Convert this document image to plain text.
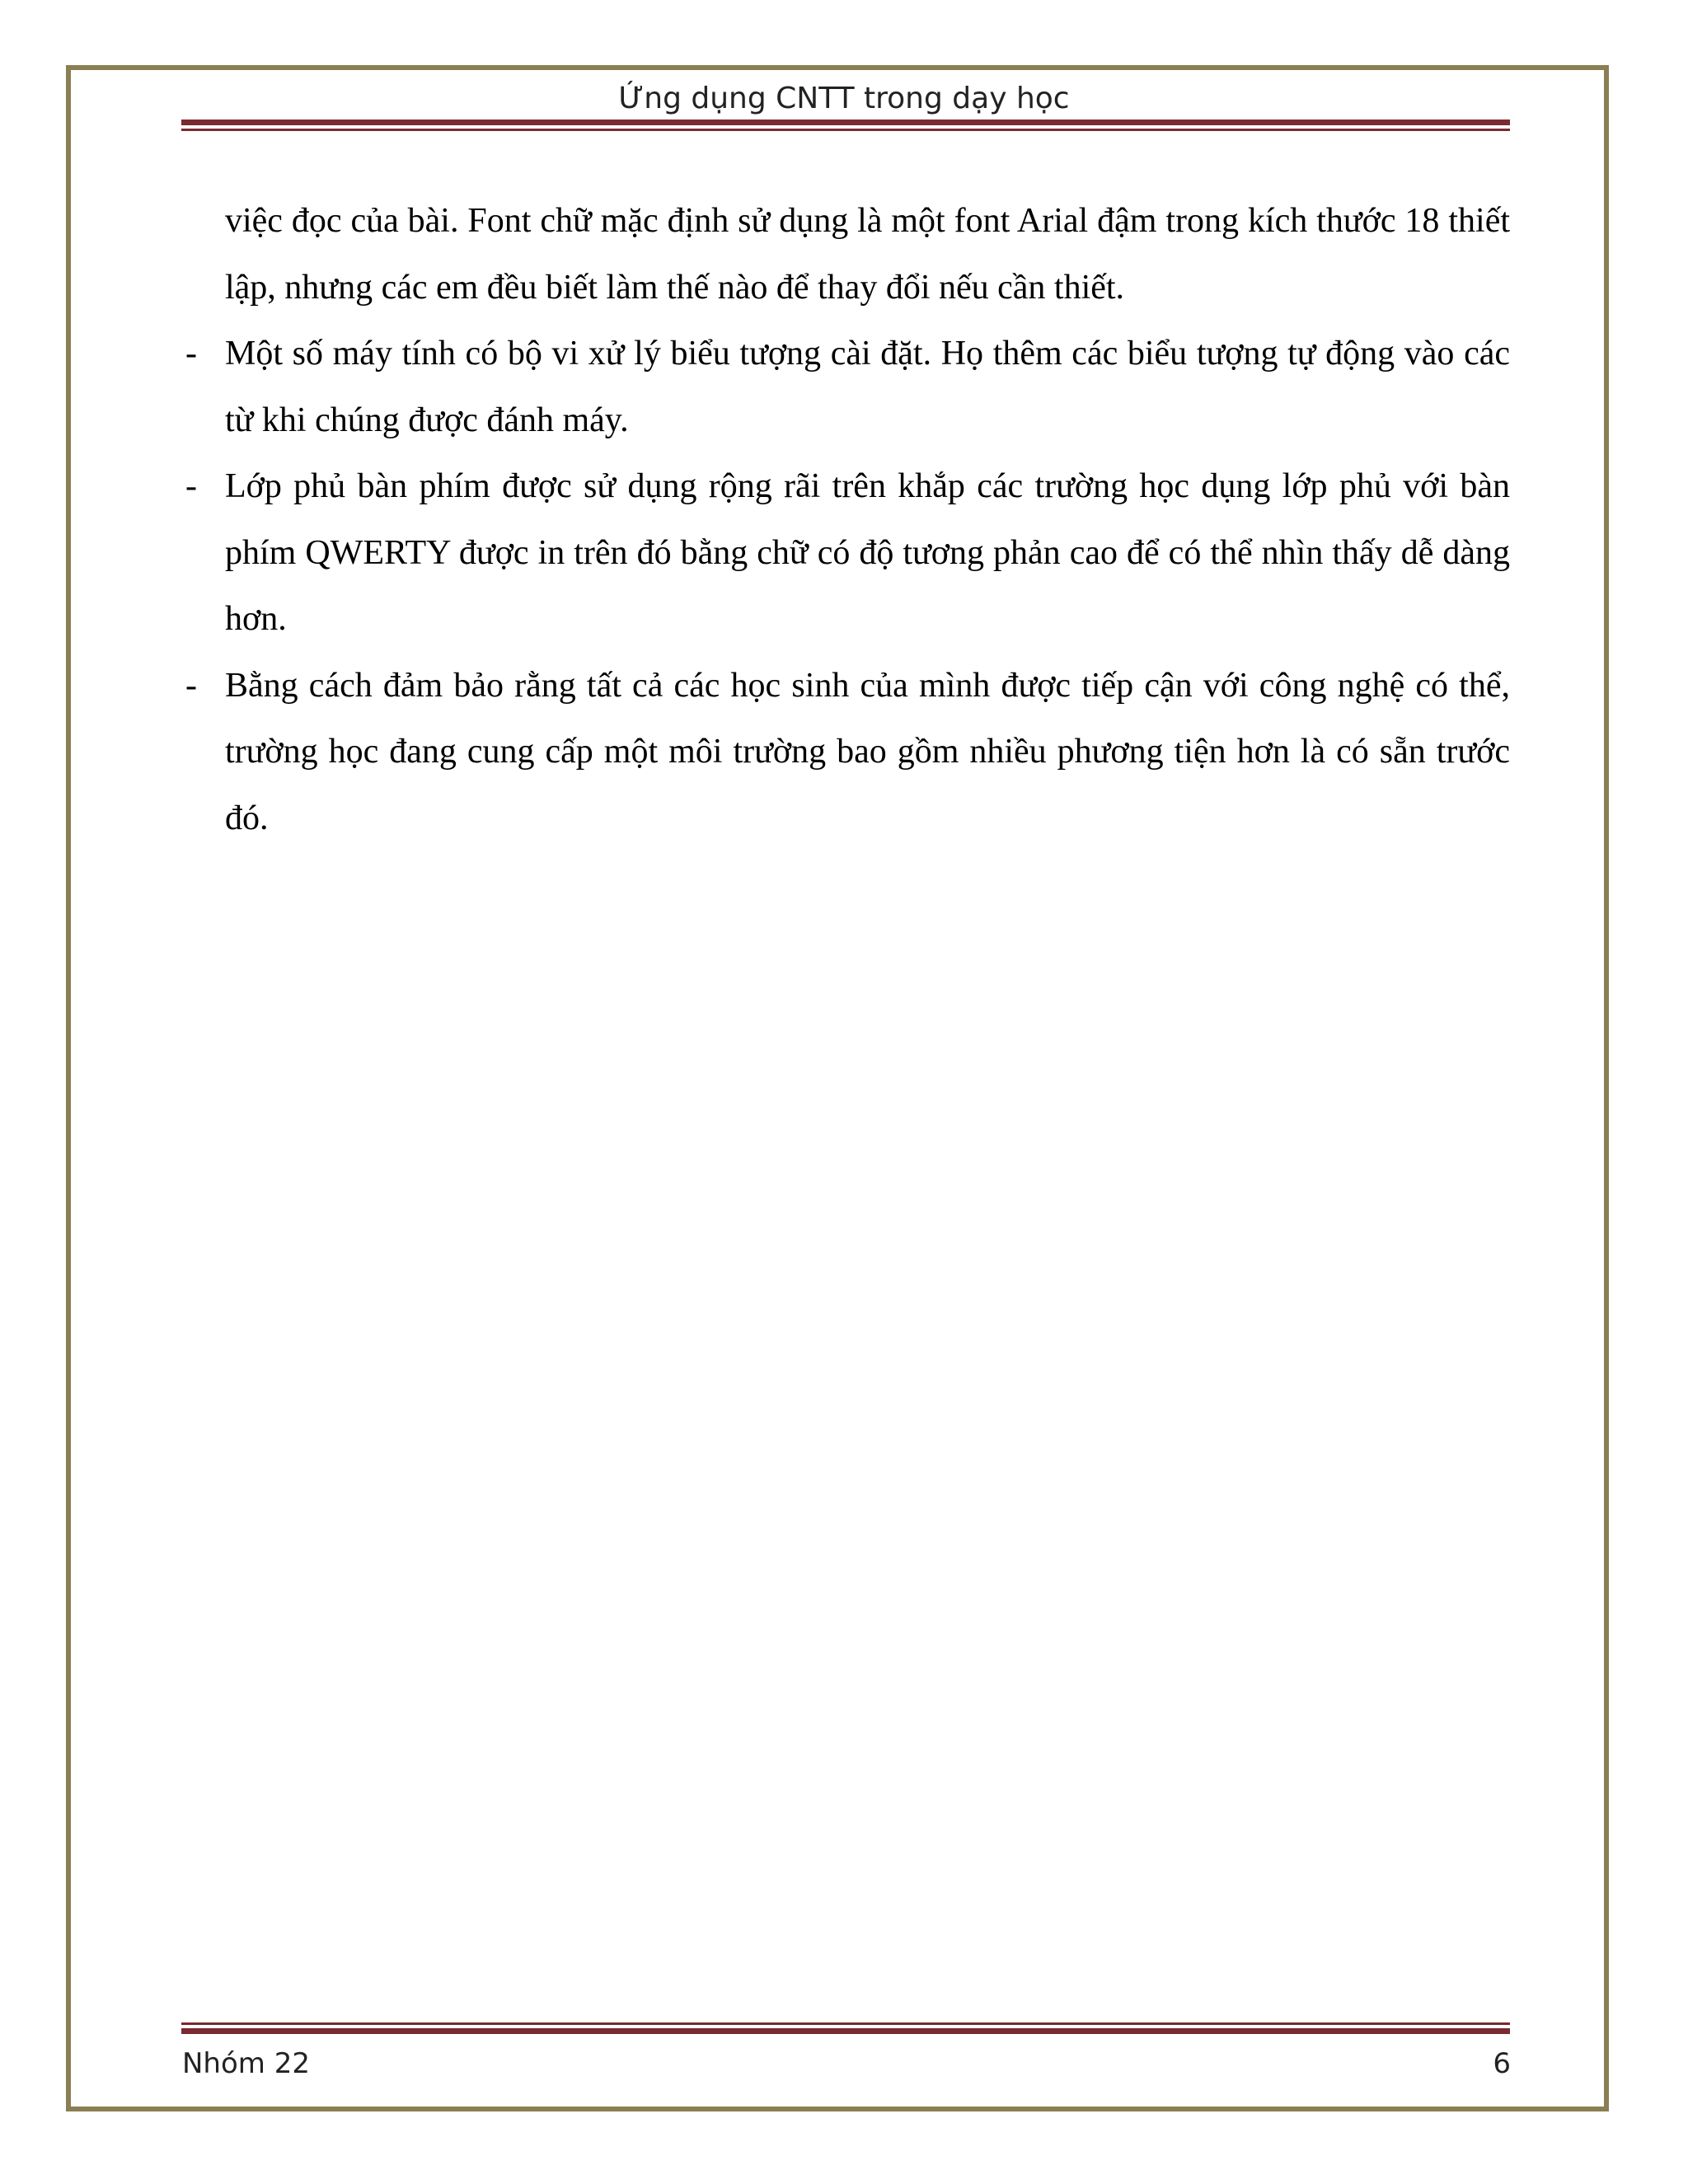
Ứng dụng CNTT trong dạy học

việc đọc của bài. Font chữ mặc định sử dụng là một font Arial đậm trong kích thước 18 thiết lập, nhưng các em đều biết làm thế nào để thay đổi nếu cần thiết.

- Một số máy tính có bộ vi xử lý biểu tượng cài đặt. Họ thêm các biểu tượng tự động vào các từ khi chúng được đánh máy.

- Lớp phủ bàn phím được sử dụng rộng rãi trên khắp các trường học dụng lớp phủ với bàn phím QWERTY được in trên đó bằng chữ có độ tương phản cao để có thể nhìn thấy dễ dàng hơn.

- Bằng cách đảm bảo rằng tất cả các học sinh của mình được tiếp cận với công nghệ có thể, trường học đang cung cấp một môi trường bao gồm nhiều phương tiện hơn là có sẵn trước đó.

Nhóm 22	6
